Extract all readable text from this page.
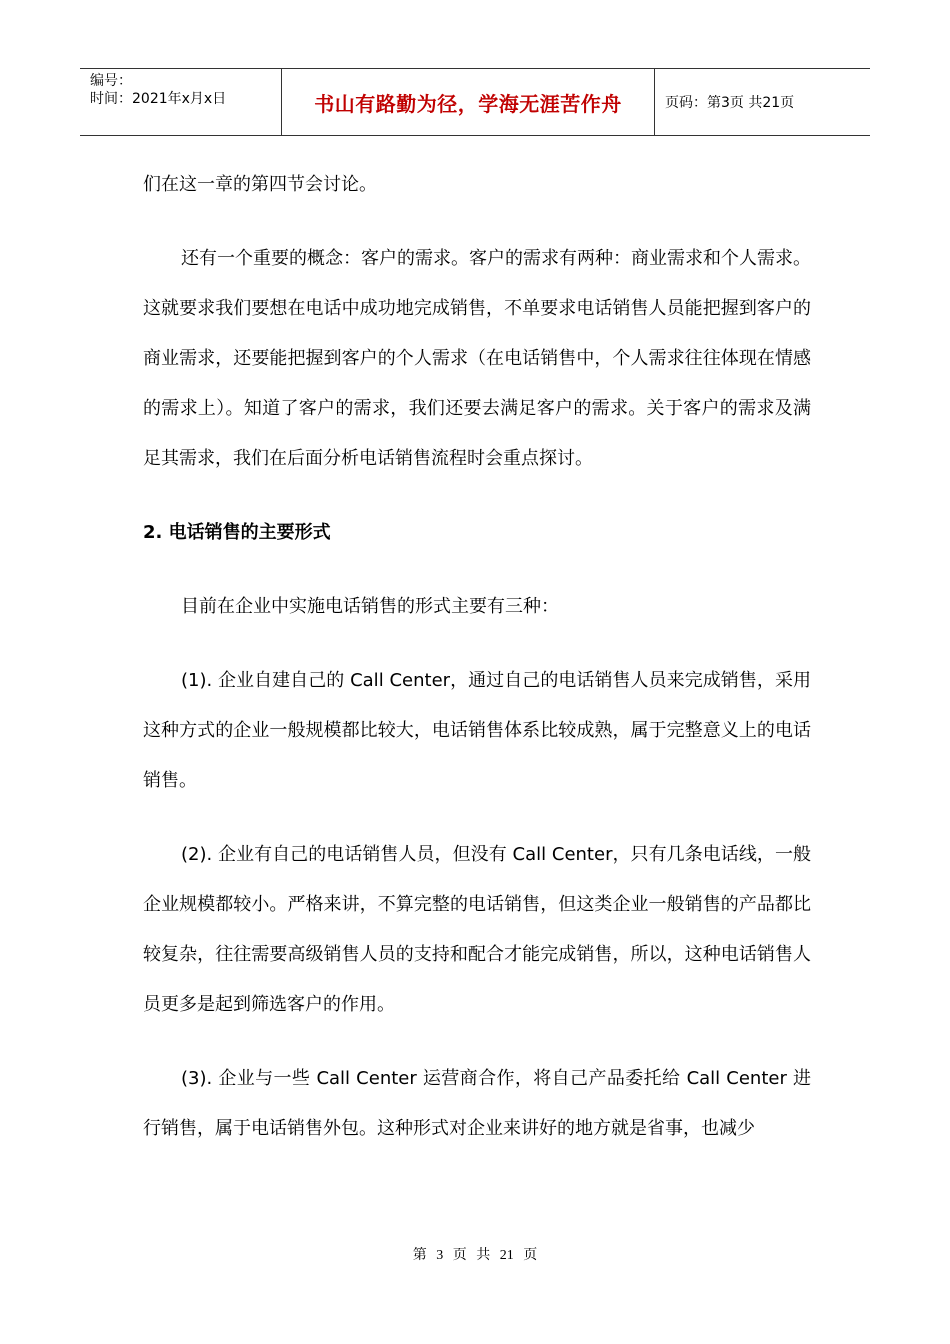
编号：
时间：2021年x月x日	书山有路勤为径，学海无涯苦作舟	页码：第3页 共21页

们在这一章的第四节会讨论。

还有一个重要的概念：客户的需求。客户的需求有两种：商业需求和个人需求。这就要求我们要想在电话中成功地完成销售，不单要求电话销售人员能把握到客户的商业需求，还要能把握到客户的个人需求（在电话销售中，个人需求往往体现在情感的需求上）。知道了客户的需求，我们还要去满足客户的需求。关于客户的需求及满足其需求，我们在后面分析电话销售流程时会重点探讨。

2. 电话销售的主要形式

目前在企业中实施电话销售的形式主要有三种：

(1). 企业自建自己的 Call Center，通过自己的电话销售人员来完成销售，采用这种方式的企业一般规模都比较大，电话销售体系比较成熟，属于完整意义上的电话销售。

(2). 企业有自己的电话销售人员，但没有 Call Center，只有几条电话线，一般企业规模都较小。严格来讲，不算完整的电话销售，但这类企业一般销售的产品都比较复杂，往往需要高级销售人员的支持和配合才能完成销售，所以，这种电话销售人员更多是起到筛选客户的作用。

(3). 企业与一些 Call Center 运营商合作，将自己产品委托给 Call Center 进行销售，属于电话销售外包。这种形式对企业来讲好的地方就是省事，也减少

第 3 页 共 21 页
